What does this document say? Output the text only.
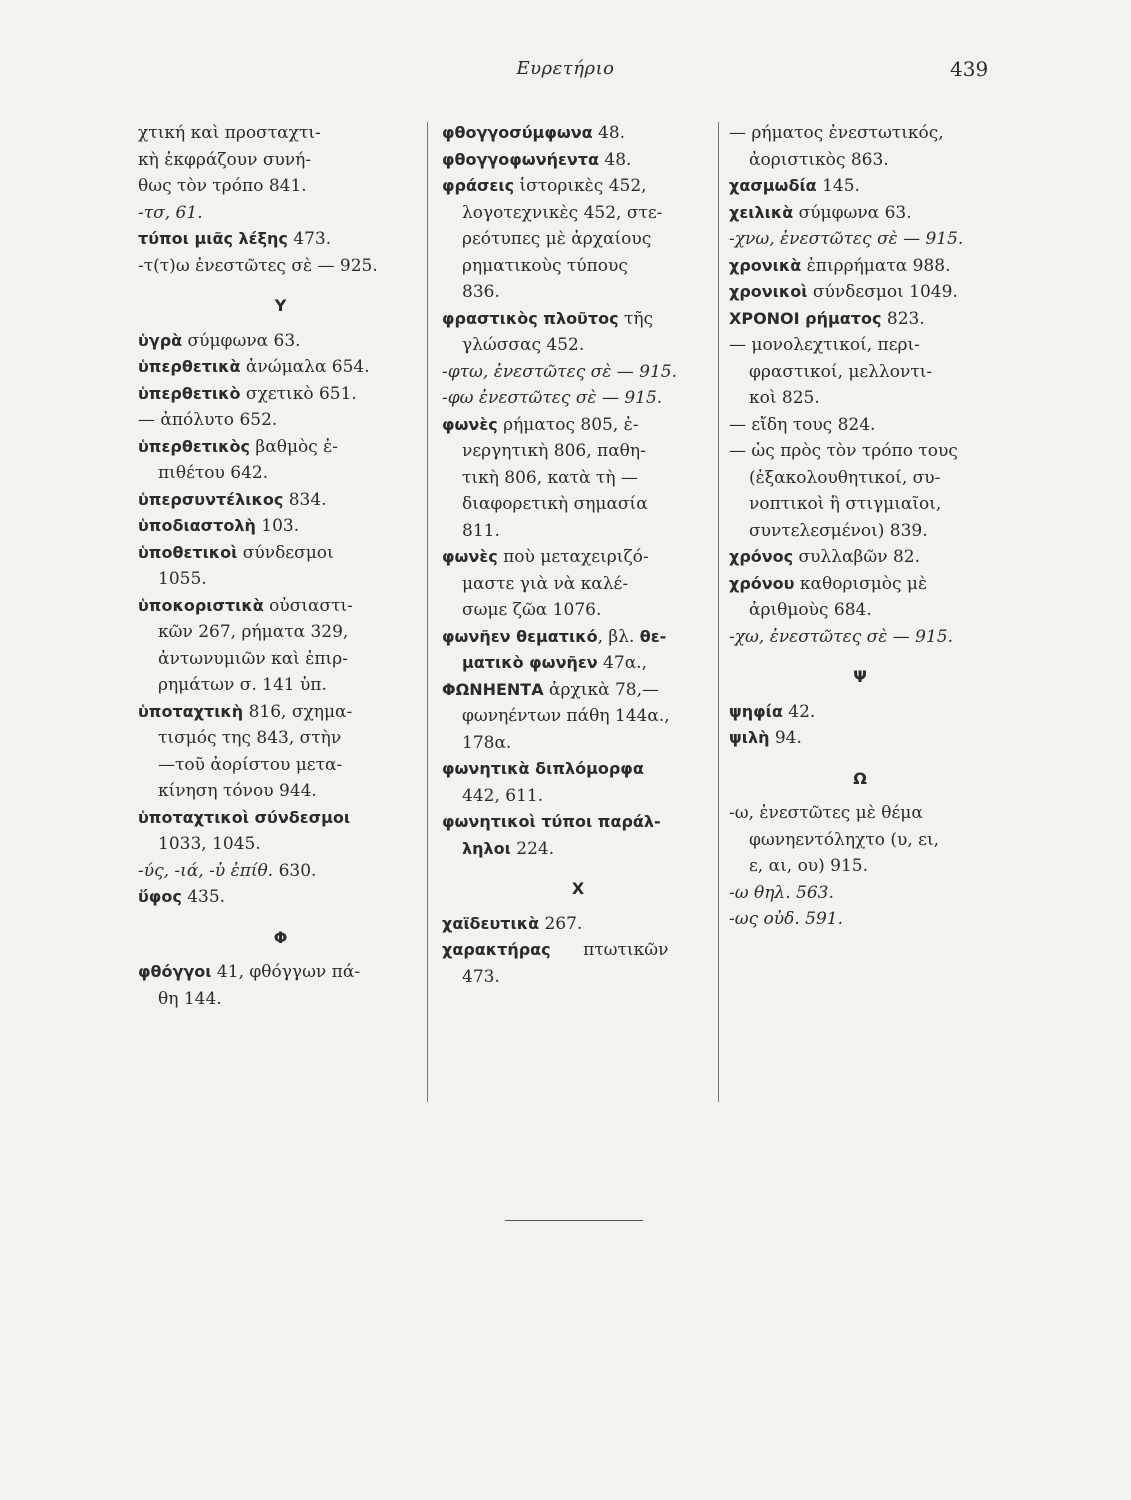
Ευρετήριο	439
χτική καὶ προσταχτι-
κὴ ἐκφράζουν συνή-
θως τὸν τρόπο 841.
-τσ, 61.
τύποι μιᾶς λέξης 473.
-τ(τ)ω ἐνεστῶτες σὲ — 925.
Υ
ὑγρὰ σύμφωνα 63.
ὑπερθετικὰ ἀνώμαλα 654.
ὑπερθετικὸ σχετικὸ 651.
— ἀπόλυτο 652.
ὑπερθετικὸς βαθμὸς ἐ-
πιθέτου 642.
ὑπερσυντέλικος 834.
ὑποδιαστολὴ 103.
ὑποθετικοὶ σύνδεσμοι
1055.
ὑποκοριστικὰ οὐσιαστι-
κῶν 267, ρήματα 329,
ἀντωνυμιῶν καὶ ἐπιρ-
ρημάτων σ. 141 ὑπ.
ὑποταχτικὴ 816, σχημα-
τισμός της 843, στὴν
—τοῦ ἀορίστου μετα-
κίνηση τόνου 944.
ὑποταχτικοὶ σύνδεσμοι
1033, 1045.
-ύς, -ιά, -ὑ ἐπίθ. 630.
ὕφος 435.
Φ
φθόγγοι 41, φθόγγων πά-
θη 144.
φθογγοσύμφωνα 48.
φθογγοφωνήεντα 48.
φράσεις ἱστορικὲς 452,
λογοτεχνικὲς 452, στε-
ρεότυπες μὲ ἀρχαίους
ρηματικοὺς τύπους
836.
φραστικὸς πλοῦτος τῆς
γλώσσας 452.
-φτω, ἐνεστῶτες σὲ — 915.
-φω ἐνεστῶτες σὲ — 915.
φωνὲς ρήματος 805, ἐ-
νεργητικὴ 806, παθη-
τικὴ 806, κατὰ τὴ —
διαφορετικὴ σημασία
811.
φωνὲς ποὺ μεταχειριζό-
μαστε γιὰ νὰ καλέ-
σωμε ζῶα 1076.
φωνῆεν θεματικό, βλ. θε-
ματικὸ φωνῆεν 47α.,
ΦΩΝΗΕΝΤΑ ἀρχικὰ 78,—
φωνηέντων πάθη 144α.,
178α.
φωνητικὰ διπλόμορφα
442, 611.
φωνητικοὶ τύποι παράλ-
ληλοι 224.
Χ
χαϊδευτικὰ 267.
χαρακτήρας      πτωτικῶν
473.
— ρήματος ἐνεστωτικός,
ἀοριστικὸς 863.
χασμωδία 145.
χειλικὰ σύμφωνα 63.
-χνω, ἐνεστῶτες σὲ — 915.
χρονικὰ ἐπιρρήματα 988.
χρονικοὶ σύνδεσμοι 1049.
ΧΡΟΝΟΙ ρήματος 823.
— μονολεχτικοί, περι-
φραστικοί, μελλοντι-
κοὶ 825.
— εἴδη τους 824.
— ὡς πρὸς τὸν τρόπο τους
(ἐξακολουθητικοί, συ-
νοπτικοὶ ἢ στιγμιαῖοι,
συντελεσμένοι) 839.
χρόνος συλλαβῶν 82.
χρόνου καθορισμὸς μὲ
ἀριθμοὺς 684.
-χω, ἐνεστῶτες σὲ — 915.
Ψ
ψηφία 42.
ψιλὴ 94.
Ω
-ω, ἐνεστῶτες μὲ θέμα
φωνηεντόληχτο (υ, ει,
ε, αι, ου) 915.
-ω θηλ. 563.
-ως οὐδ. 591.
